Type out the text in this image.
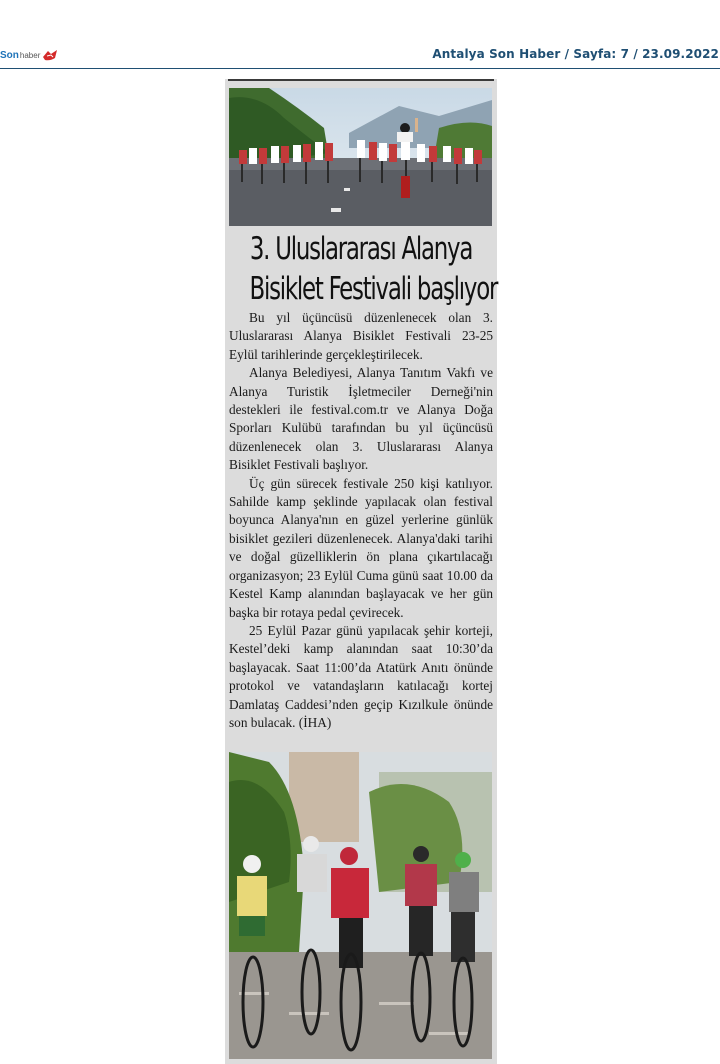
Son haber	Antalya Son Haber / Sayfa: 7 / 23.09.2022
3. Uluslararası Alanya
Bisiklet Festivali başlıyor

Bu yıl üçüncüsü düzenlenecek olan 3. Uluslararası Alanya Bisiklet Festivali 23-25 Eylül tarihlerinde gerçekleştirilecek.

Alanya Belediyesi, Alanya Tanıtım Vakfı ve Alanya Turistik İşletmeciler Derneği'nin destekleri ile festival.com.tr ve Alanya Doğa Sporları Kulübü tarafından bu yıl üçüncüsü düzenlenecek olan 3. Uluslararası Alanya Bisiklet Festivali başlıyor.

Üç gün sürecek festivale 250 kişi katılıyor. Sahilde kamp şeklinde yapılacak olan festival boyunca Alanya'nın en güzel yerlerine günlük bisiklet gezileri düzenlenecek. Alanya'daki tarihi ve doğal güzelliklerin ön plana çıkartılacağı organizasyon; 23 Eylül Cuma günü saat 10.00 da Kestel Kamp alanından başlayacak ve her gün başka bir rotaya pedal çevirecek.

25 Eylül Pazar günü yapılacak şehir korteji, Kestel’deki kamp alanından saat 10:30’da başlayacak. Saat 11:00’da Atatürk Anıtı önünde protokol ve vatandaşların katılacağı kortej Damlataş Caddesi’nden geçip Kızılkule önünde son bulacak. (İHA)
